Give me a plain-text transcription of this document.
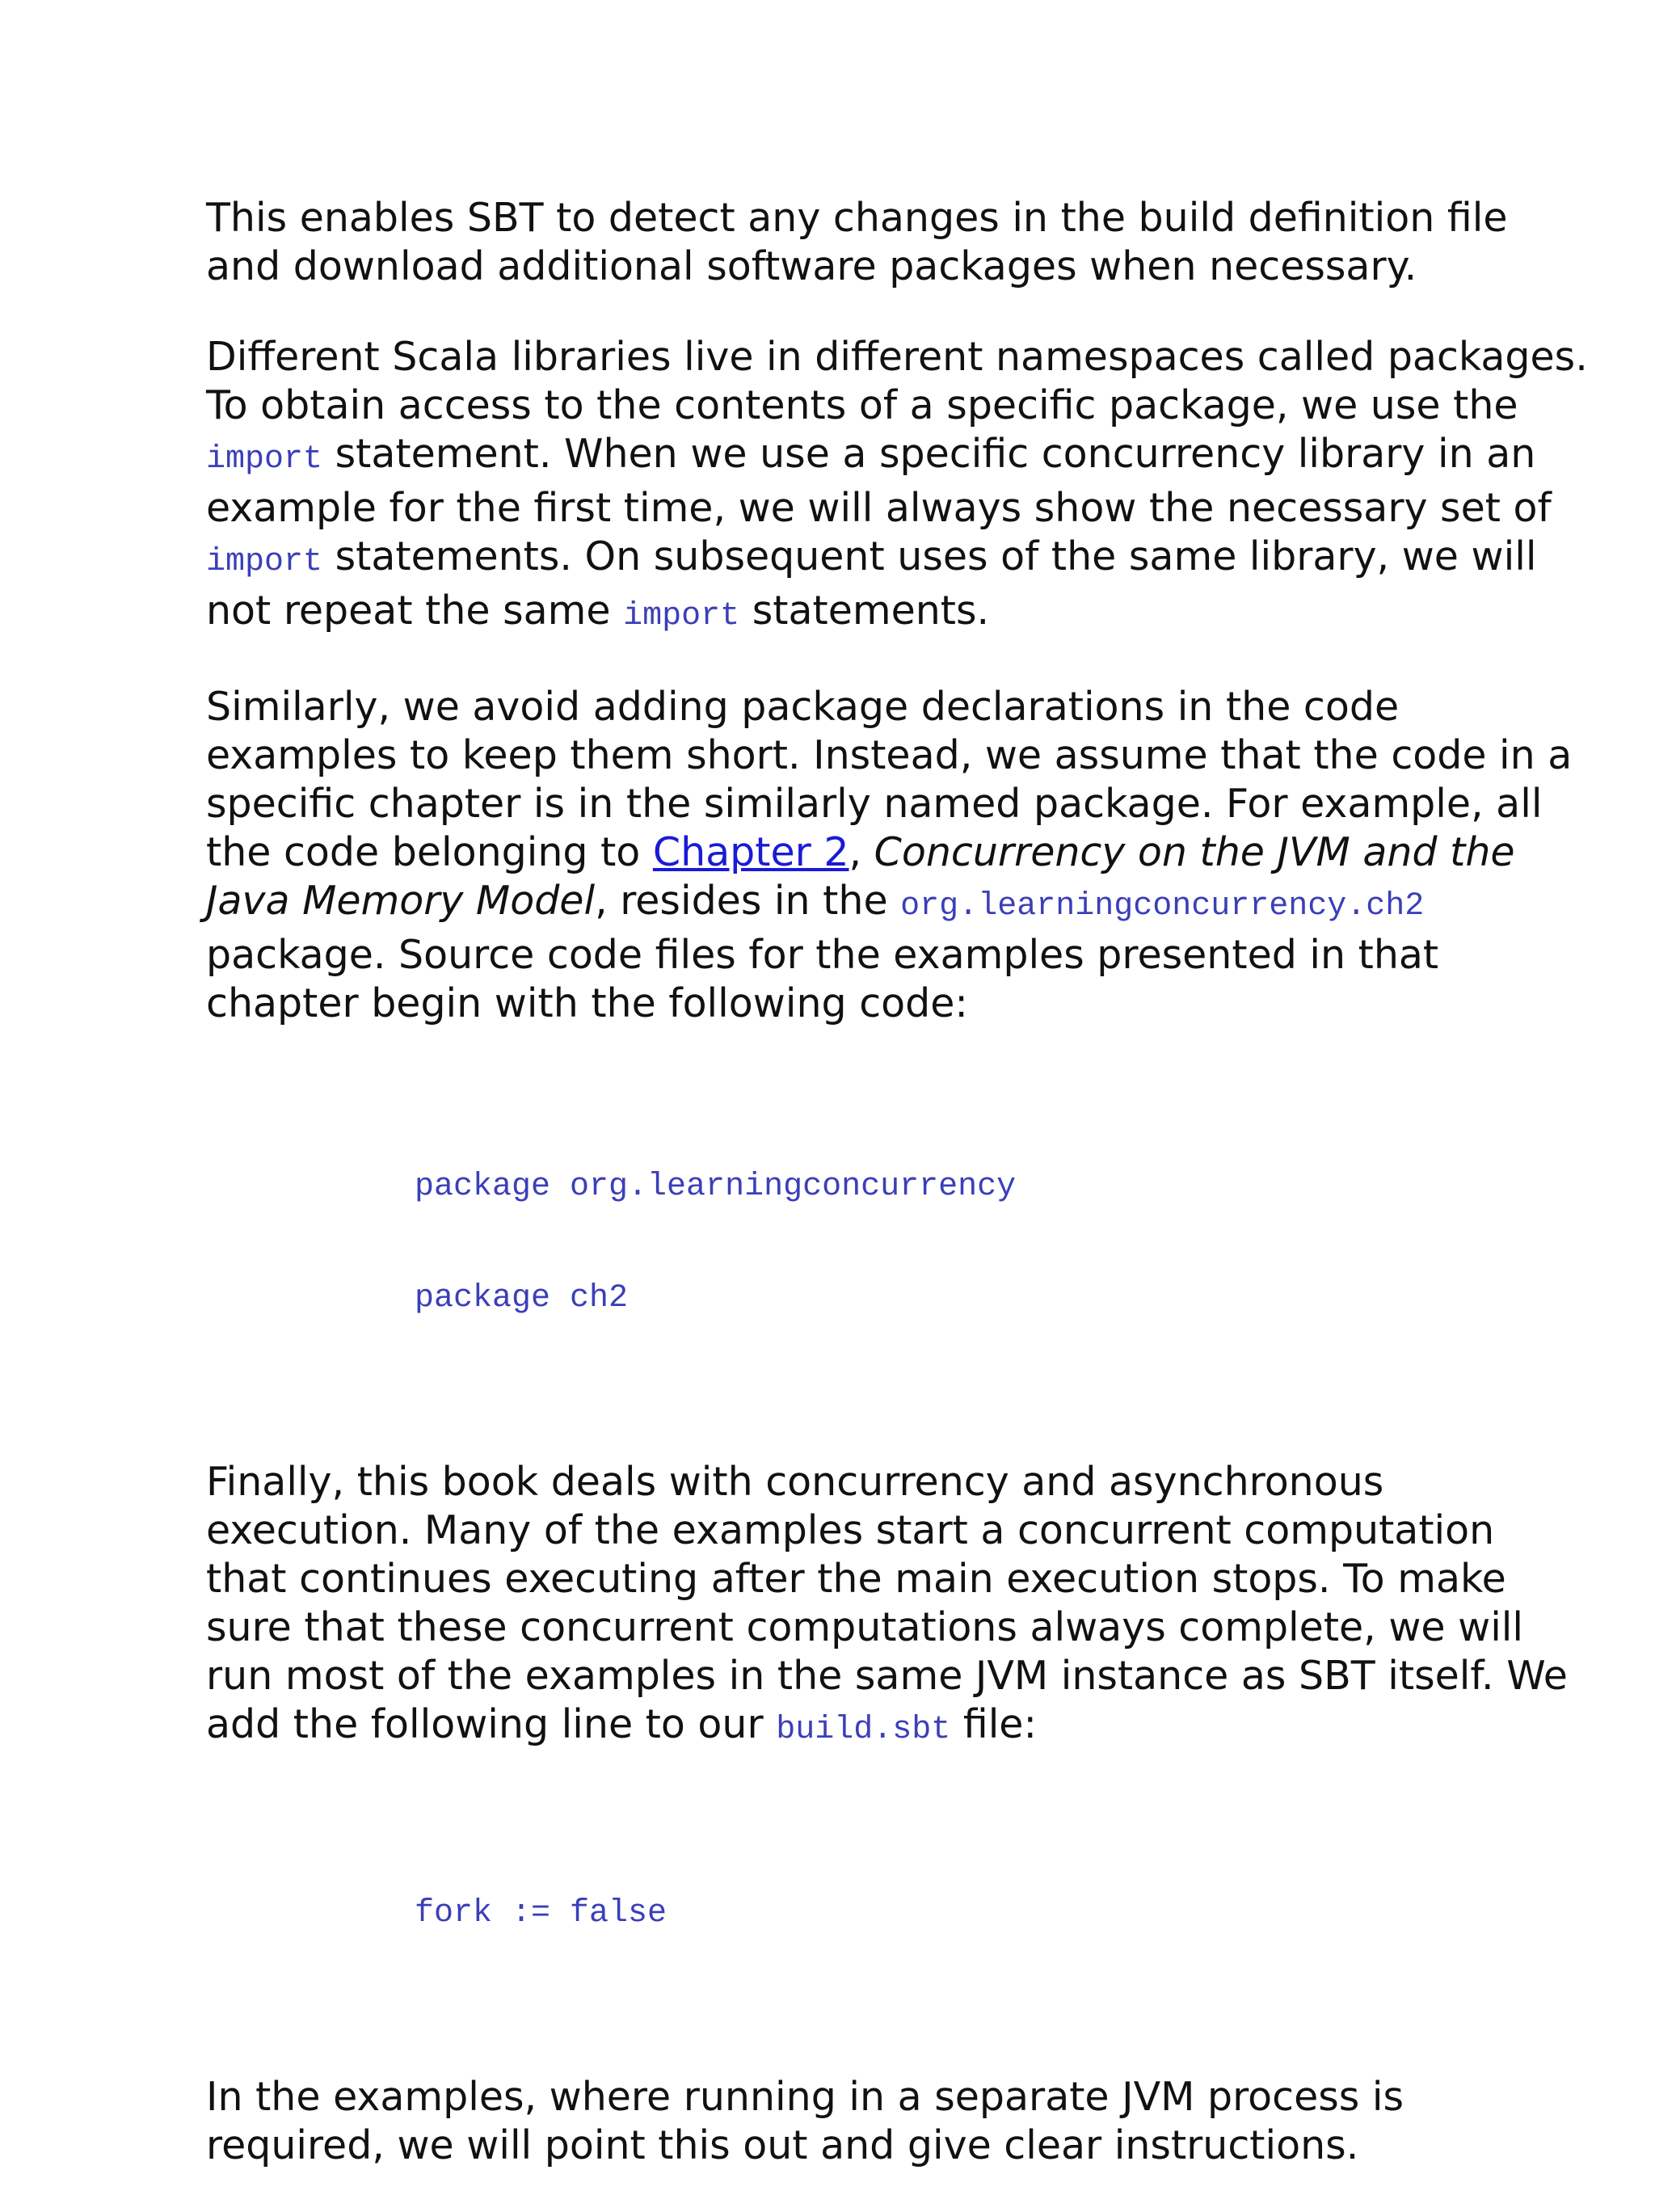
This enables SBT to detect any changes in the build definition file
and download additional software packages when necessary.

Different Scala libraries live in different namespaces called packages.
To obtain access to the contents of a specific package, we use the
import statement. When we use a specific concurrency library in an
example for the first time, we will always show the necessary set of
import statements. On subsequent uses of the same library, we will
not repeat the same import statements.

Similarly, we avoid adding package declarations in the code
examples to keep them short. Instead, we assume that the code in a
specific chapter is in the similarly named package. For example, all
the code belonging to Chapter 2, Concurrency on the JVM and the
Java Memory Model, resides in the org.learningconcurrency.ch2
package. Source code files for the examples presented in that
chapter begin with the following code:

package org.learningconcurrency

package ch2

Finally, this book deals with concurrency and asynchronous
execution. Many of the examples start a concurrent computation
that continues executing after the main execution stops. To make
sure that these concurrent computations always complete, we will
run most of the examples in the same JVM instance as SBT itself. We
add the following line to our build.sbt file:

fork := false

In the examples, where running in a separate JVM process is
required, we will point this out and give clear instructions.
